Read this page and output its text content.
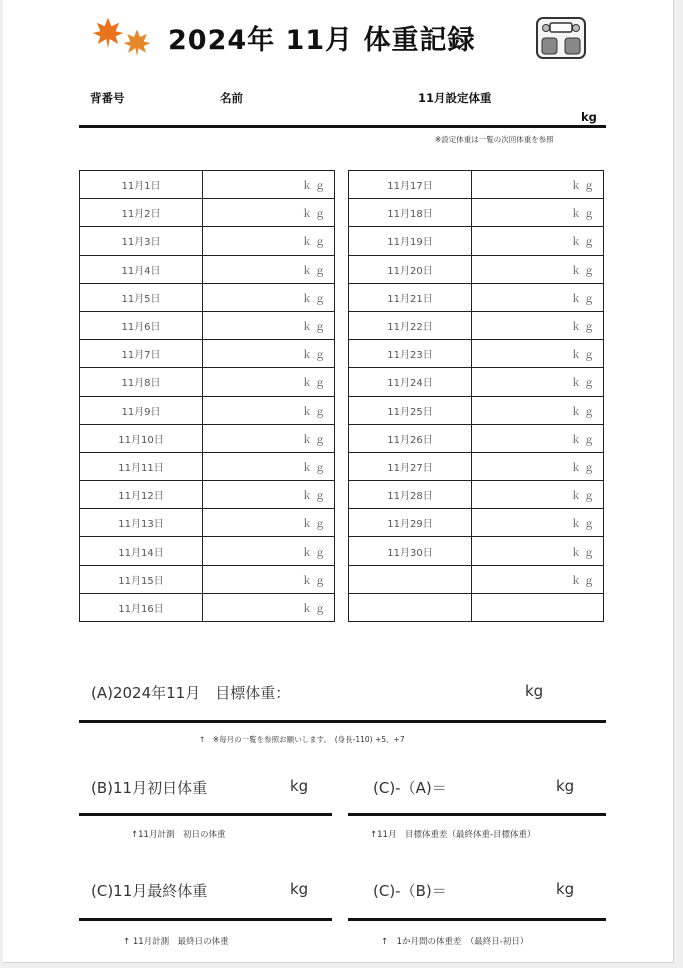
2024年 11月 体重記録
背番号	名前	11月設定体重
kg
※設定体重は一覧の次回体重を参照
11月1日	ｋｇ
11月2日	ｋｇ
11月3日	ｋｇ
11月4日	ｋｇ
11月5日	ｋｇ
11月6日	ｋｇ
11月7日	ｋｇ
11月8日	ｋｇ
11月9日	ｋｇ
11月10日	ｋｇ
11月11日	ｋｇ
11月12日	ｋｇ
11月13日	ｋｇ
11月14日	ｋｇ
11月15日	ｋｇ
11月16日	ｋｇ
11月17日	ｋｇ
11月18日	ｋｇ
11月19日	ｋｇ
11月20日	ｋｇ
11月21日	ｋｇ
11月22日	ｋｇ
11月23日	ｋｇ
11月24日	ｋｇ
11月25日	ｋｇ
11月26日	ｋｇ
11月27日	ｋｇ
11月28日	ｋｇ
11月29日	ｋｇ
11月30日	ｋｇ
	ｋｇ

(A)2024年11月　目標体重：	kg
↑　※毎月の一覧を参照お願いします。　(身長-110) +5、+7
(B)11月初日体重	kg
↑11月計測　初日の体重
(C)-（A)＝	kg
↑11月　目標体重差（最終体重-目標体重）
(C)11月最終体重	kg
↑ 11月計測　最終日の体重
(C)-（B)＝	kg
↑　1か月間の体重差　（最終日-初日）
